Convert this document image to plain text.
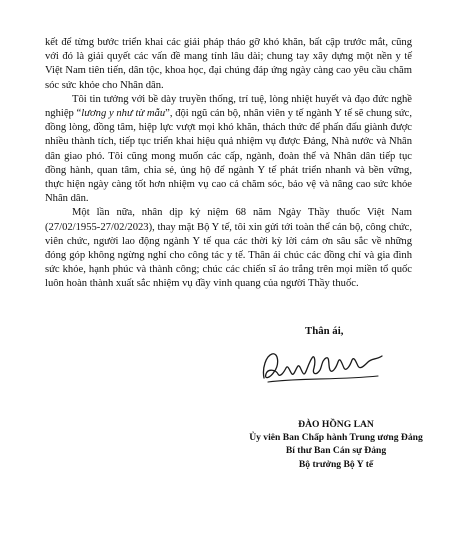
kết để từng bước triển khai các giải pháp tháo gỡ khó khăn, bất cập trước mắt, cũng với đó là giải quyết các vấn đề mang tính lâu dài; chung tay xây dựng một nền y tế Việt Nam tiên tiến, dân tộc, khoa học, đại chúng đáp ứng ngày càng cao yêu cầu chăm sóc sức khỏe cho Nhân dân.

Tôi tin tưởng với bề dày truyền thống, trí tuệ, lòng nhiệt huyết và đạo đức nghề nghiệp “lương y như từ mẫu”, đội ngũ cán bộ, nhân viên y tế ngành Y tế sẽ chung sức, đồng lòng, đồng tâm, hiệp lực vượt mọi khó khăn, thách thức để phấn đấu giành được nhiều thành tích, tiếp tục triển khai hiệu quả nhiệm vụ được Đảng, Nhà nước và Nhân dân giao phó. Tôi cũng mong muốn các cấp, ngành, đoàn thể và Nhân dân tiếp tục đồng hành, quan tâm, chia sẻ, ủng hộ để ngành Y tế phát triển nhanh và bền vững, thực hiện ngày càng tốt hơn nhiệm vụ cao cả chăm sóc, bảo vệ và nâng cao sức khỏe Nhân dân.

Một lần nữa, nhân dịp kỷ niệm 68 năm Ngày Thầy thuốc Việt Nam (27/02/1955-27/02/2023), thay mặt Bộ Y tế, tôi xin gửi tới toàn thể cán bộ, công chức, viên chức, người lao động ngành Y tế qua các thời kỳ lời cảm ơn sâu sắc về những đóng góp không ngừng nghỉ cho công tác y tế. Thân ái chúc các đồng chí và gia đình sức khỏe, hạnh phúc và thành công; chúc các chiến sĩ áo trắng trên mọi miền tổ quốc luôn hoàn thành xuất sắc nhiệm vụ đầy vinh quang của người Thầy thuốc.

Thân ái,
ĐÀO HỒNG LAN
Ủy viên Ban Chấp hành Trung ương Đảng
Bí thư Ban Cán sự Đảng
Bộ trưởng Bộ Y tế
